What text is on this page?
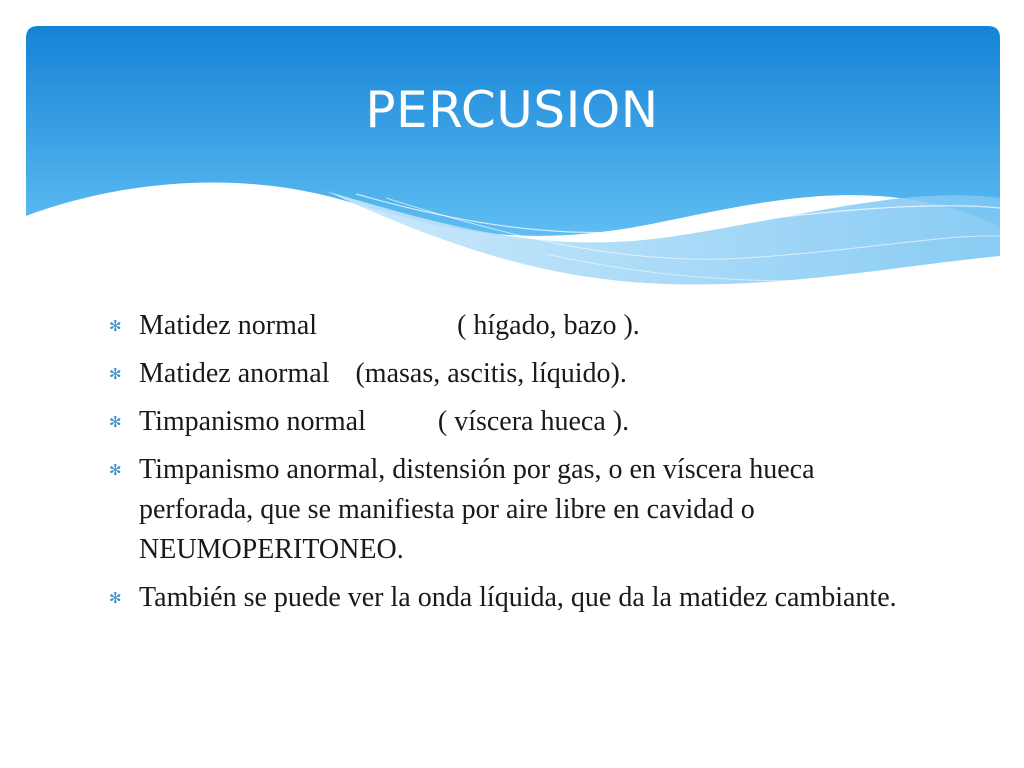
PERCUSION
✻ Matidez normal	( hígado, bazo ).
✻ Matidez anormal (masas, ascitis, líquido).
✻ Timpanismo normal	( víscera hueca ).
✻ Timpanismo anormal, distensión por gas, o en víscera hueca perforada, que se manifiesta por aire libre en cavidad o NEUMOPERITONEO.
✻ También se puede ver la onda líquida, que da la matidez cambiante.
